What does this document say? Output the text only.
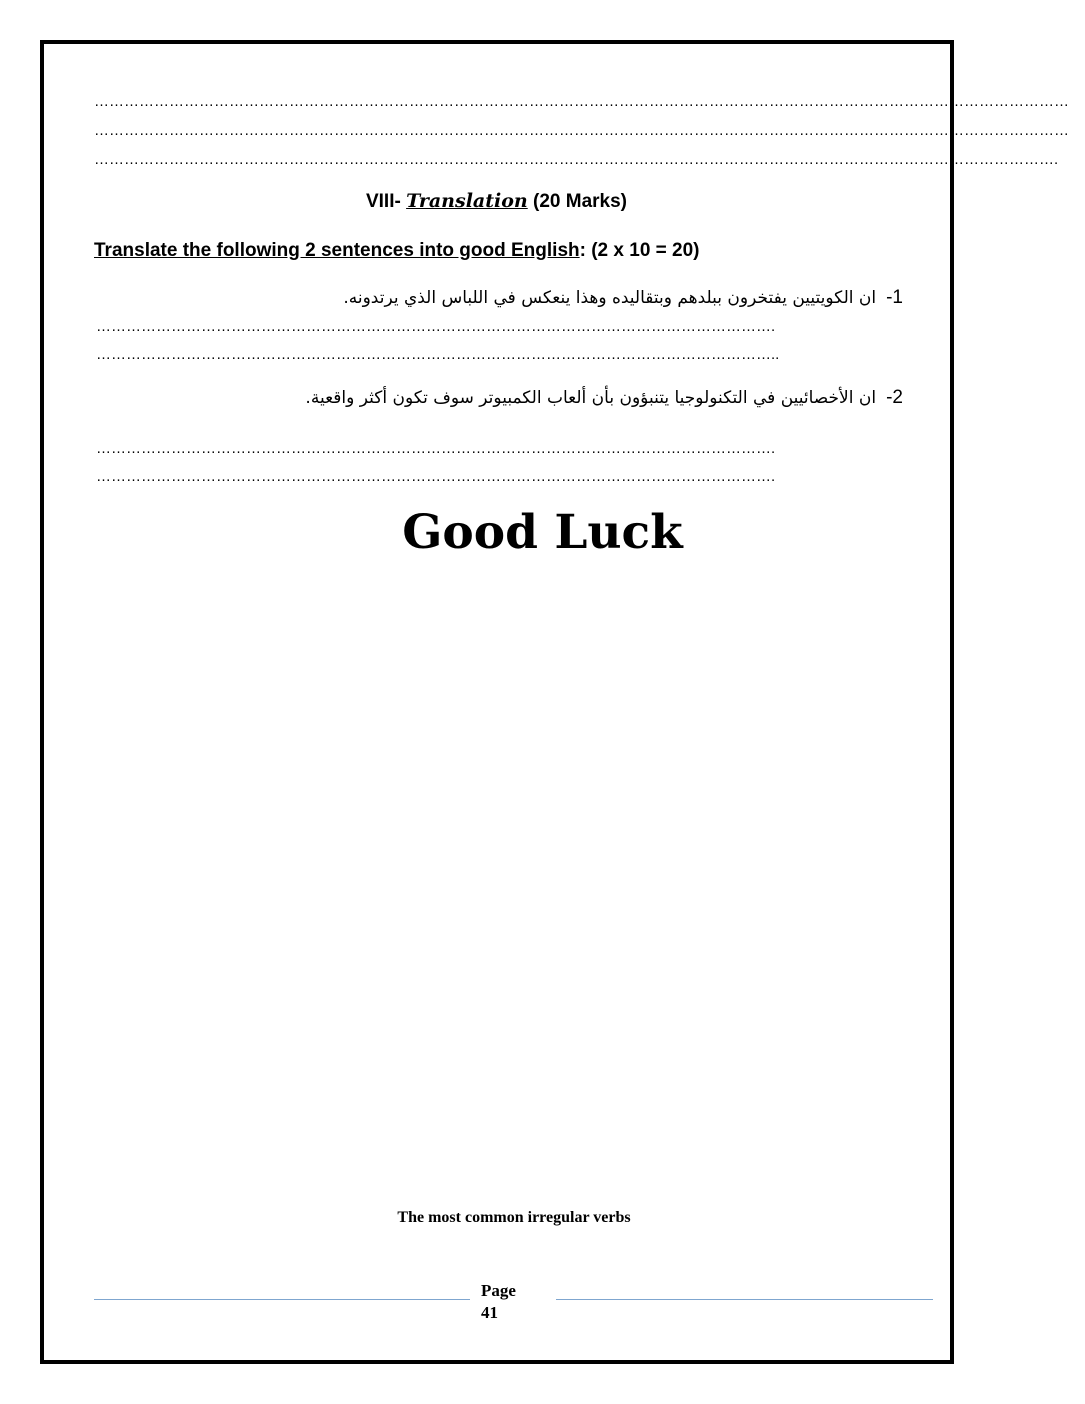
……………………………………………………………………………………………………………………………………………………………………………
……………………………………………………………………………………………………………………………………………………………………………
………………………………………………………………………………………………………………………………………………………………………….
VIII- Translation (20 Marks)
Translate the following 2 sentences into good English: (2 x 10 = 20)
1-ان الكويتيين يفتخرون ببلدهم وبتقاليده وهذا ينعكس في اللباس الذي يرتدونه.
……………………………………………………………………………………………………………………….
………………………………………………………………………………………………………………………..
2-ان الأخصائيين في التكنولوجيا يتنبؤون بأن ألعاب الكمبيوتر سوف تكون أكثر واقعية.
……………………………………………………………………………………………………………………….
……………………………………………………………………………………………………………………….
Good Luck
The most common irregular verbs
Page
41
